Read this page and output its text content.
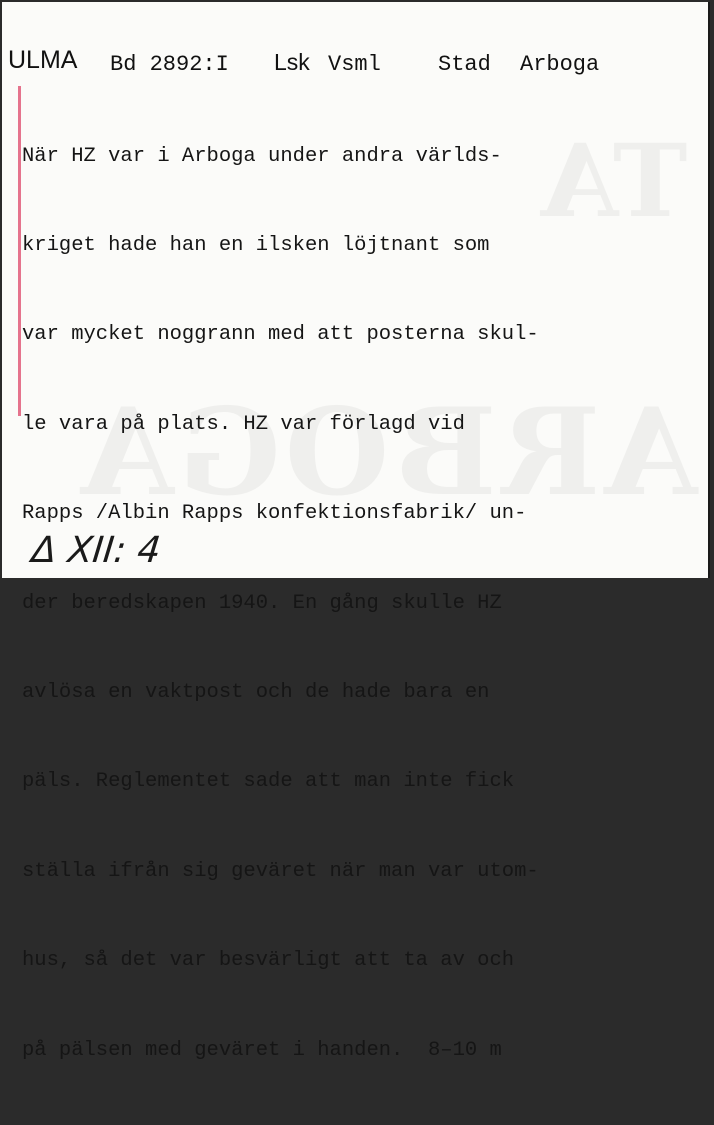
ULMA Bd 2892:I Lsk Vsml	Stad Arboga

När HZ var i Arboga under andra världs-

kriget hade han en ilsken löjtnant som

var mycket noggrann med att posterna skul-

le vara på plats. HZ var förlagd vid

Rapps /Albin Rapps konfektionsfabrik/ un-

der beredskapen 1940. En gång skulle HZ

avlösa en vaktpost och de hade bara en

päls. Reglementet sade att man inte fick

ställa ifrån sig geväret när man var utom-

hus, så det var besvärligt att ta av och

på pälsen med geväret i handen.  8–10 m

Δ XII: 4
